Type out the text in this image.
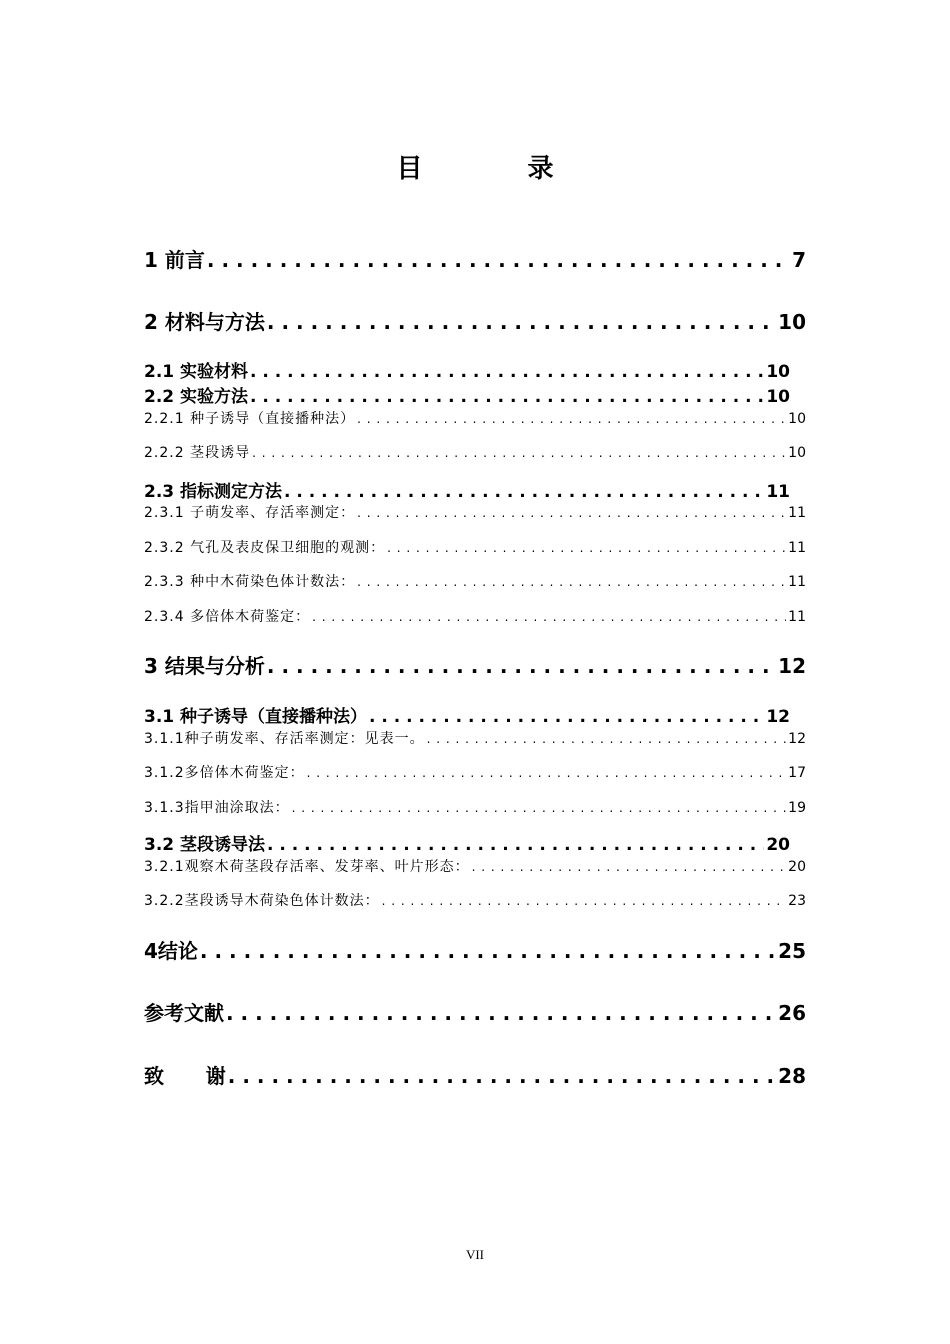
目 录
1 前言 . . .	7
2 材料与方法 . . .	10
2.1 实验材料 . . .	10
2.2 实验方法 . . .	10
2.2.1 种子诱导（直接播种法） . . .	10
2.2.2 茎段诱导 . . .	10
2.3 指标测定方法 . . .	11
2.3.1 子萌发率、存活率测定： . . .	11
2.3.2 气孔及表皮保卫细胞的观测： . . .	11
2.3.3 种中木荷染色体计数法： . . .	11
2.3.4 多倍体木荷鉴定： . . .	11
3 结果与分析 . . .	12
3.1 种子诱导（直接播种法） . . .	12
3.1.1种子萌发率、存活率测定：见表一。 . . .	12
3.1.2多倍体木荷鉴定： . . .	17
3.1.3指甲油涂取法： . . .	19
3.2 茎段诱导法 . . .	20
3.2.1观察木荷茎段存活率、发芽率、叶片形态： . . .	20
3.2.2茎段诱导木荷染色体计数法： . . .	23
4结论 . . .	25
参考文献 . . .	26
致      谢 . . .	28
VII
